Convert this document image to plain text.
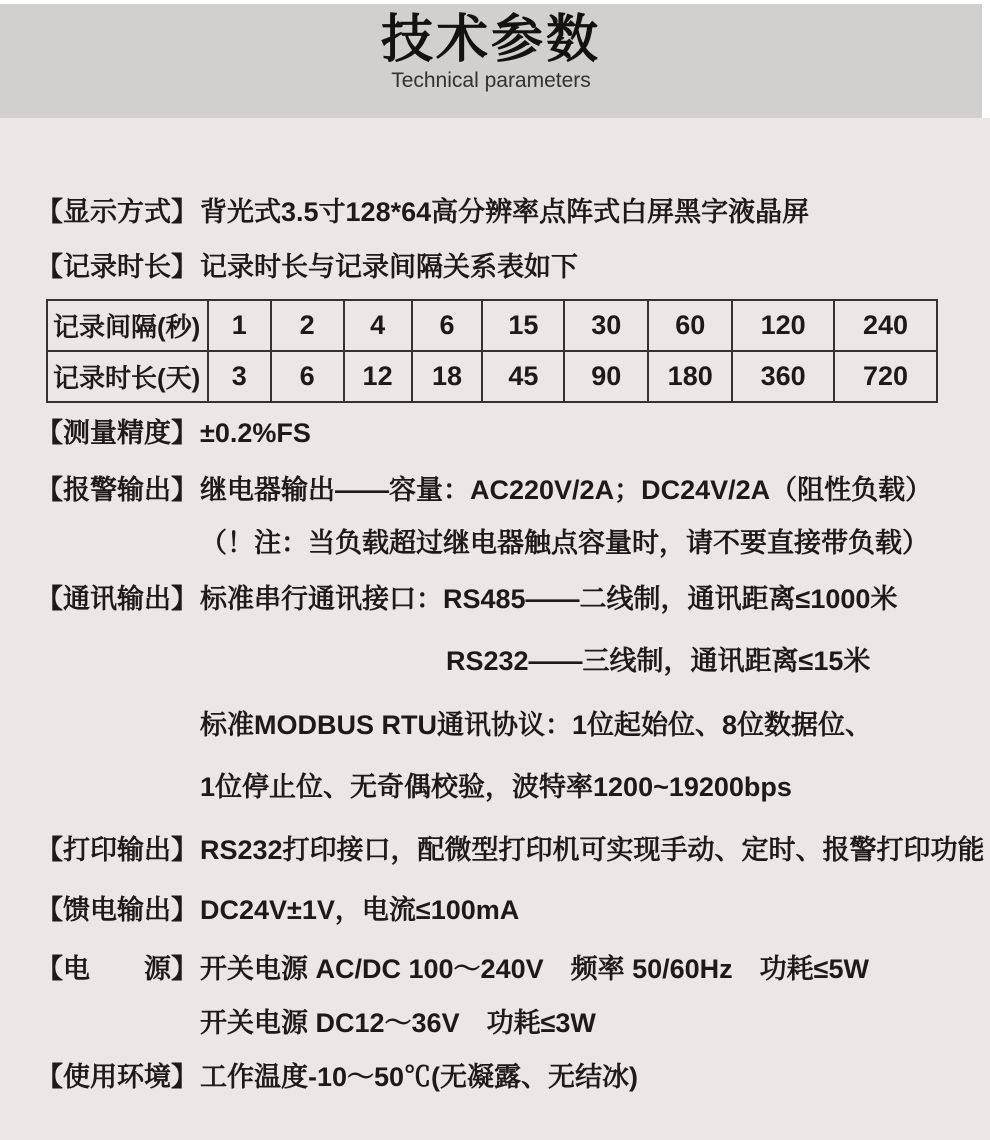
技术参数
Technical parameters
【显示方式】 背光式3.5寸128*64高分辨率点阵式白屏黑字液晶屏
【记录时长】 记录时长与记录间隔关系表如下
记录间隔(秒)	1	2	4	6	15	30	60	120	240
记录时长(天)	3	6	12	18	45	90	180	360	720
【测量精度】 ±0.2%FS
【报警输出】 继电器输出——容量：AC220V/2A；DC24V/2A（阻性负载）
（！注：当负载超过继电器触点容量时，请不要直接带负载）
【通讯输出】 标准串行通讯接口：RS485——二线制，通讯距离≤1000米
RS232——三线制，通讯距离≤15米
标准MODBUS RTU通讯协议：1位起始位、8位数据位、
1位停止位、无奇偶校验，波特率1200~19200bps
【打印输出】 RS232打印接口，配微型打印机可实现手动、定时、报警打印功能
【馈电输出】 DC24V±1V，电流≤100mA
【电　　源】 开关电源 AC/DC 100～240V　频率 50/60Hz　功耗≤5W
开关电源 DC12～36V　功耗≤3W
【使用环境】 工作温度-10～50℃(无凝露、无结冰)
